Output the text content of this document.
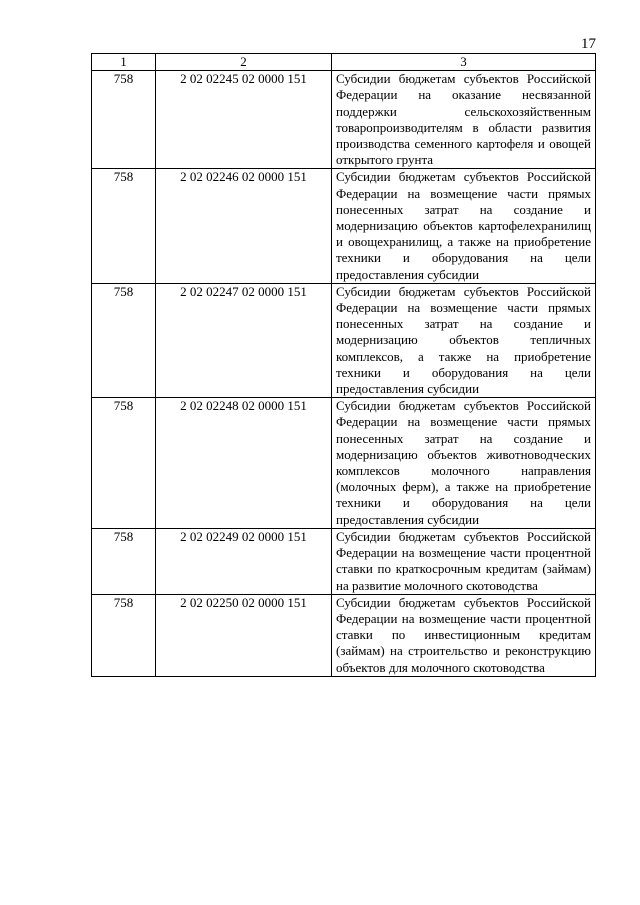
17
1	2	3
758	2 02 02245 02 0000 151	Субсидии бюджетам субъектов Российской Федерации на оказание несвязанной поддержки сельскохозяйственным товаропроизводителям в области развития производства семенного картофеля и овощей открытого грунта
758	2 02 02246 02 0000 151	Субсидии бюджетам субъектов Российской Федерации на возмещение части прямых понесенных затрат на создание и модернизацию объектов картофелехранилищ и овощехранилищ, а также на приобретение техники и оборудования на цели предоставления субсидии
758	2 02 02247 02 0000 151	Субсидии бюджетам субъектов Российской Федерации на возмещение части прямых понесенных затрат на создание и модернизацию объектов тепличных комплексов, а также на приобретение техники и оборудования на цели предоставления субсидии
758	2 02 02248 02 0000 151	Субсидии бюджетам субъектов Российской Федерации на возмещение части прямых понесенных затрат на создание и модернизацию объектов животноводческих комплексов молочного направления (молочных ферм), а также на приобретение техники и оборудования на цели предоставления субсидии
758	2 02 02249 02 0000 151	Субсидии бюджетам субъектов Российской Федерации на возмещение части процентной ставки по краткосрочным кредитам (займам) на развитие молочного скотоводства
758	2 02 02250 02 0000 151	Субсидии бюджетам субъектов Российской Федерации на возмещение части процентной ставки по инвестиционным кредитам (займам) на строительство и реконструкцию объектов для молочного скотоводства
